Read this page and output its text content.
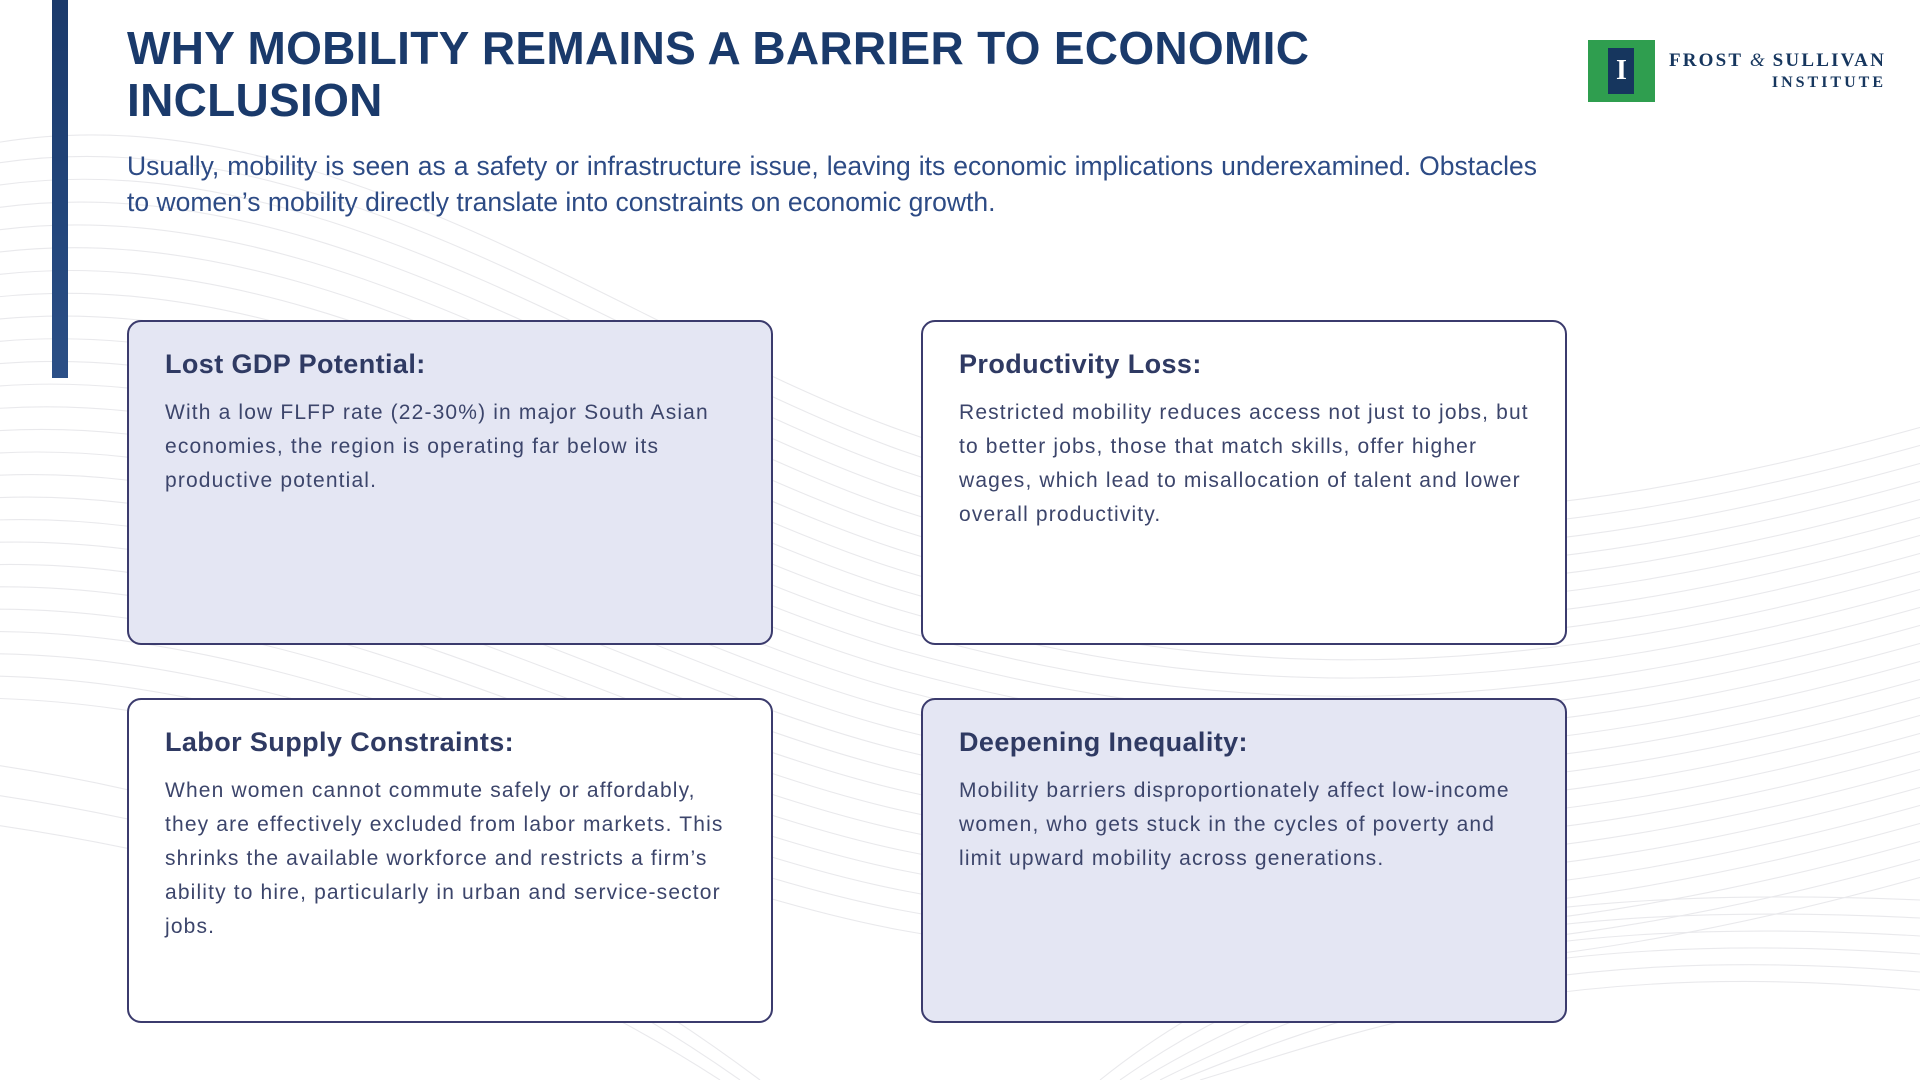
WHY MOBILITY REMAINS A BARRIER TO ECONOMIC INCLUSION
Usually, mobility is seen as a safety or infrastructure issue, leaving its economic implications underexamined. Obstacles to women’s mobility directly translate into constraints on economic growth.
I	FROST & SULLIVAN
INSTITUTE
Lost GDP Potential:
With a low FLFP rate (22-30%) in major South Asian economies, the region is operating far below its productive potential.
Productivity Loss:
Restricted mobility reduces access not just to jobs, but to better jobs, those that match skills, offer higher wages, which lead to misallocation of talent and lower overall productivity.
Labor Supply Constraints:
When women cannot commute safely or affordably, they are effectively excluded from labor markets. This shrinks the available workforce and restricts a firm’s ability to hire, particularly in urban and service-sector jobs.
Deepening Inequality:
Mobility barriers disproportionately affect low-income women, who gets stuck in the cycles of poverty and limit upward mobility across generations.
